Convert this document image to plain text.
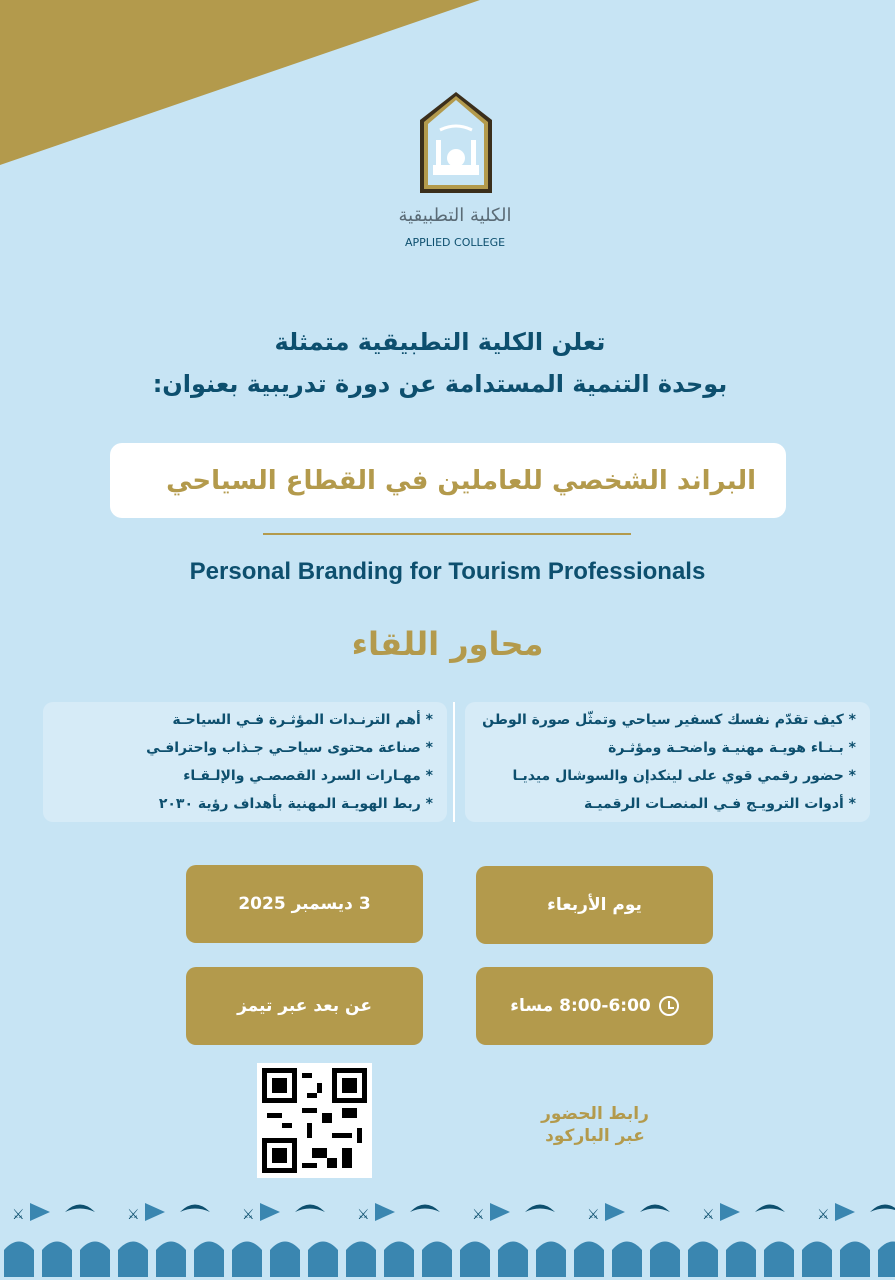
الكلية التطبيقية
APPLIED COLLEGE
تعلن الكلية التطبيقية متمثلة
بوحدة التنمية المستدامة عن دورة تدريبية بعنوان:
البراند الشخصي للعاملين في القطاع السياحي
Personal Branding for Tourism Professionals
محاور اللقاء
* كيف تقدّم نفسك كسفير سياحي وتمثّل صورة الوطن
* بـنـاء هويـة مهنيـة واضحـة ومؤثـرة
* حضور رقمي قوي على لينكدإن والسوشال ميديـا
* أدوات الترويـج فـي المنصـات الرقميـة
* أهم الترنـدات المؤثـرة فـي السياحـة
* صناعة محتوى سياحـي جـذاب واحترافـي
* مهـارات السرد القصصـي والإلـقـاء
* ربط الهويـة المهنية بأهداف رؤية ٢٠٣٠
يوم الأربعاء
3 ديسمبر 2025
8:00-6:00 مساء
عن بعد عبر تيمز
رابط الحضور
عبر الباركود
⚔	⚔	⚔	⚔	⚔	⚔	⚔	⚔
